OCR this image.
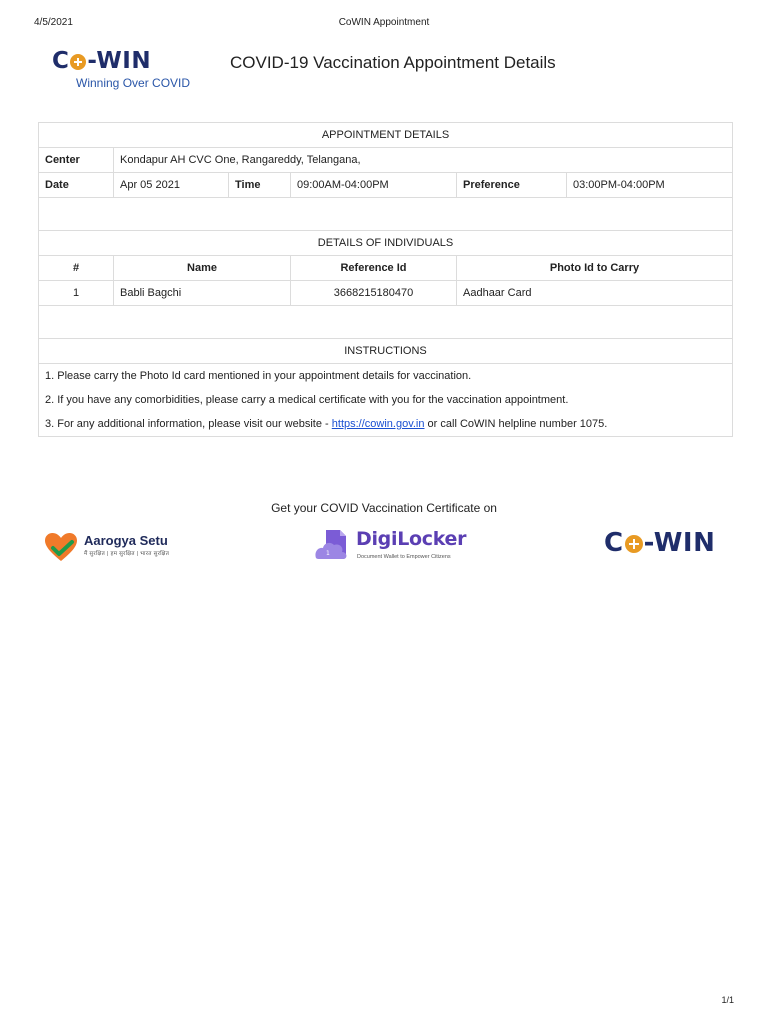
4/5/2021	CoWIN Appointment
C -WIN
Winning Over COVID
COVID-19 Vaccination Appointment Details
APPOINTMENT DETAILS					
Center	Kondapur AH CVC One, Rangareddy, Telangana,				
Date	Apr 05 2021	Time	09:00AM-04:00PM	Preference	03:00PM-04:00PM

DETAILS OF INDIVIDUALS					
#	Name		Reference Id	Photo Id to Carry	
1	Babli Bagchi		3668215180470	Aadhaar Card	

INSTRUCTIONS					
1. Please carry the Photo Id card mentioned in your appointment details for vaccination.					
2. If you have any comorbidities, please carry a medical certificate with you for the vaccination appointment.					
3. For any additional information, please visit our website - https://cowin.gov.in or call CoWIN helpline number 1075.					
Get your COVID Vaccination Certificate on
Aarogya Setu
मैं सुरक्षित | हम सुरक्षित | भारत सुरक्षित	1
DigiLocker
Document Wallet to Empower Citizens	C -WIN
1/1
